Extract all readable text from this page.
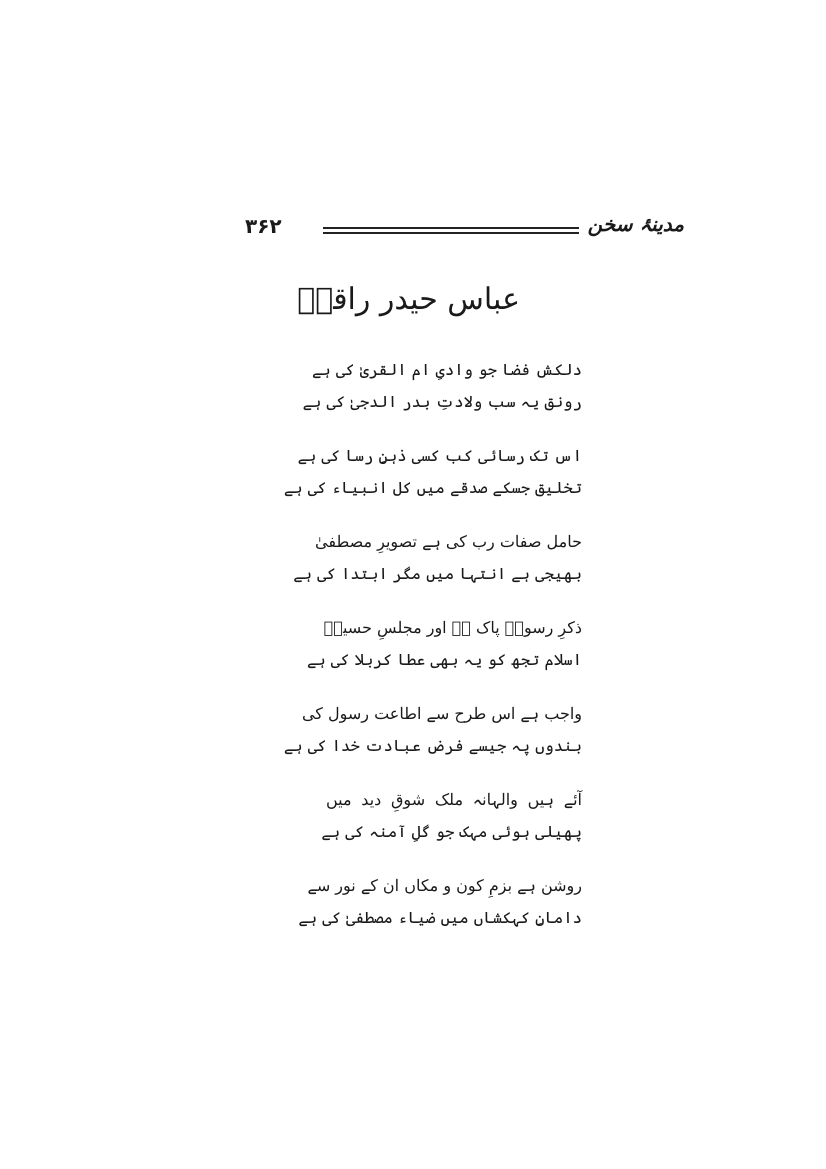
۳۶۲	مدینۂ سخن
عباس حیدر راقمؔ
دلکش فضا جو وادیِ ام القریٰ کی ہے
رونق یہ سب ولادتِ بدر الدجیٰ کی ہے
اس تک رسائی کب کسی ذہنِ رسا کی ہے
تخلیق جسکے صدقے میں کل انبیاء کی ہے
حامل صفات رب کی ہے تصویرِ مصطفیٰ
بھیجی ہے انتہا میں مگر ابتدا کی ہے
ذکرِ رسولؐ پاک ہے اور مجلسِ حسینؑ
اسلام تجھ کو یہ بھی عطا کربلا کی ہے
واجب ہے اس طرح سے اطاعت رسول کی
بندوں پہ جیسے فرض عبادت خدا کی ہے
آئے ہیں والہانہ ملک شوقِ دید میں
پھیلی ہوئی مہک جو گلِ آمنہ کی ہے
روشن ہے بزمِ کون و مکاں ان کے نور سے
دامانِ کہکشاں میں ضیاء مصطفیٰ کی ہے
